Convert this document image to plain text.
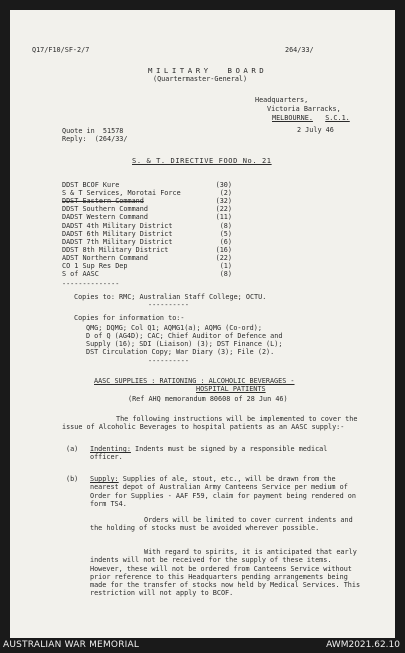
Q17/F10/SF-2/7	264/33/
MILITARY  BOARD
(Quartermaster-General)
Headquarters,
Victoria Barracks,
MELBOURNE. S.C.1.
2 July 46
Quote in  51578
Reply:  (264/33/
S. & T. DIRECTIVE FOOD No. 21
DDST BCOF Kure	(30)
S & T Services, Morotai Force	(2)
DDST Eastern Command	(32)
DDST Southern Command	(22)
DADST Western Command	(11)
DADST 4th Military District	(8)
DADST 6th Military District	(5)
DADST 7th Military District	(6)
DDST 8th Military District	(16)
ADST Northern Command	(22)
CO 1 Sup Res Dep	(1)
S of AASC	(8)
--------------
Copies to: RMC; Australian Staff College; OCTU.
----------
Copies for information to:-
QMG; DQMG; Col Q1; AQMG1(a); AQMG (Co-ord);
D of Q (AG4D); CAC; Chief Auditor of Defence and
Supply (16); SDI (Liaison) (3); DST Finance (L);
DST Circulation Copy; War Diary (3); File (2).
----------
AASC SUPPLIES : RATIONING : ALCOHOLIC BEVERAGES -
HOSPITAL PATIENTS
(Ref AHQ memorandum 80608 of 28 Jun 46)
The following instructions will be implemented to cover the issue of Alcoholic Beverages to hospital patients as an AASC supply:-
(a) Indenting: Indents must be signed by a responsible medical officer.
(b) Supply: Supplies of ale, stout, etc., will be drawn from the nearest depot of Australian Army Canteens Service per medium of Order for Supplies - AAF F59, claim for payment being rendered on form TS4.
Orders will be limited to cover current indents and the holding of stocks must be avoided wherever possible.
With regard to spirits, it is anticipated that early indents will not be received for the supply of these items. However, these will not be ordered from Canteens Service without prior reference to this Headquarters pending arrangements being made for the transfer of stocks now held by Medical Services. This restriction will not apply to BCOF.
AUSTRALIAN WAR MEMORIAL	AWM2021.62.10
